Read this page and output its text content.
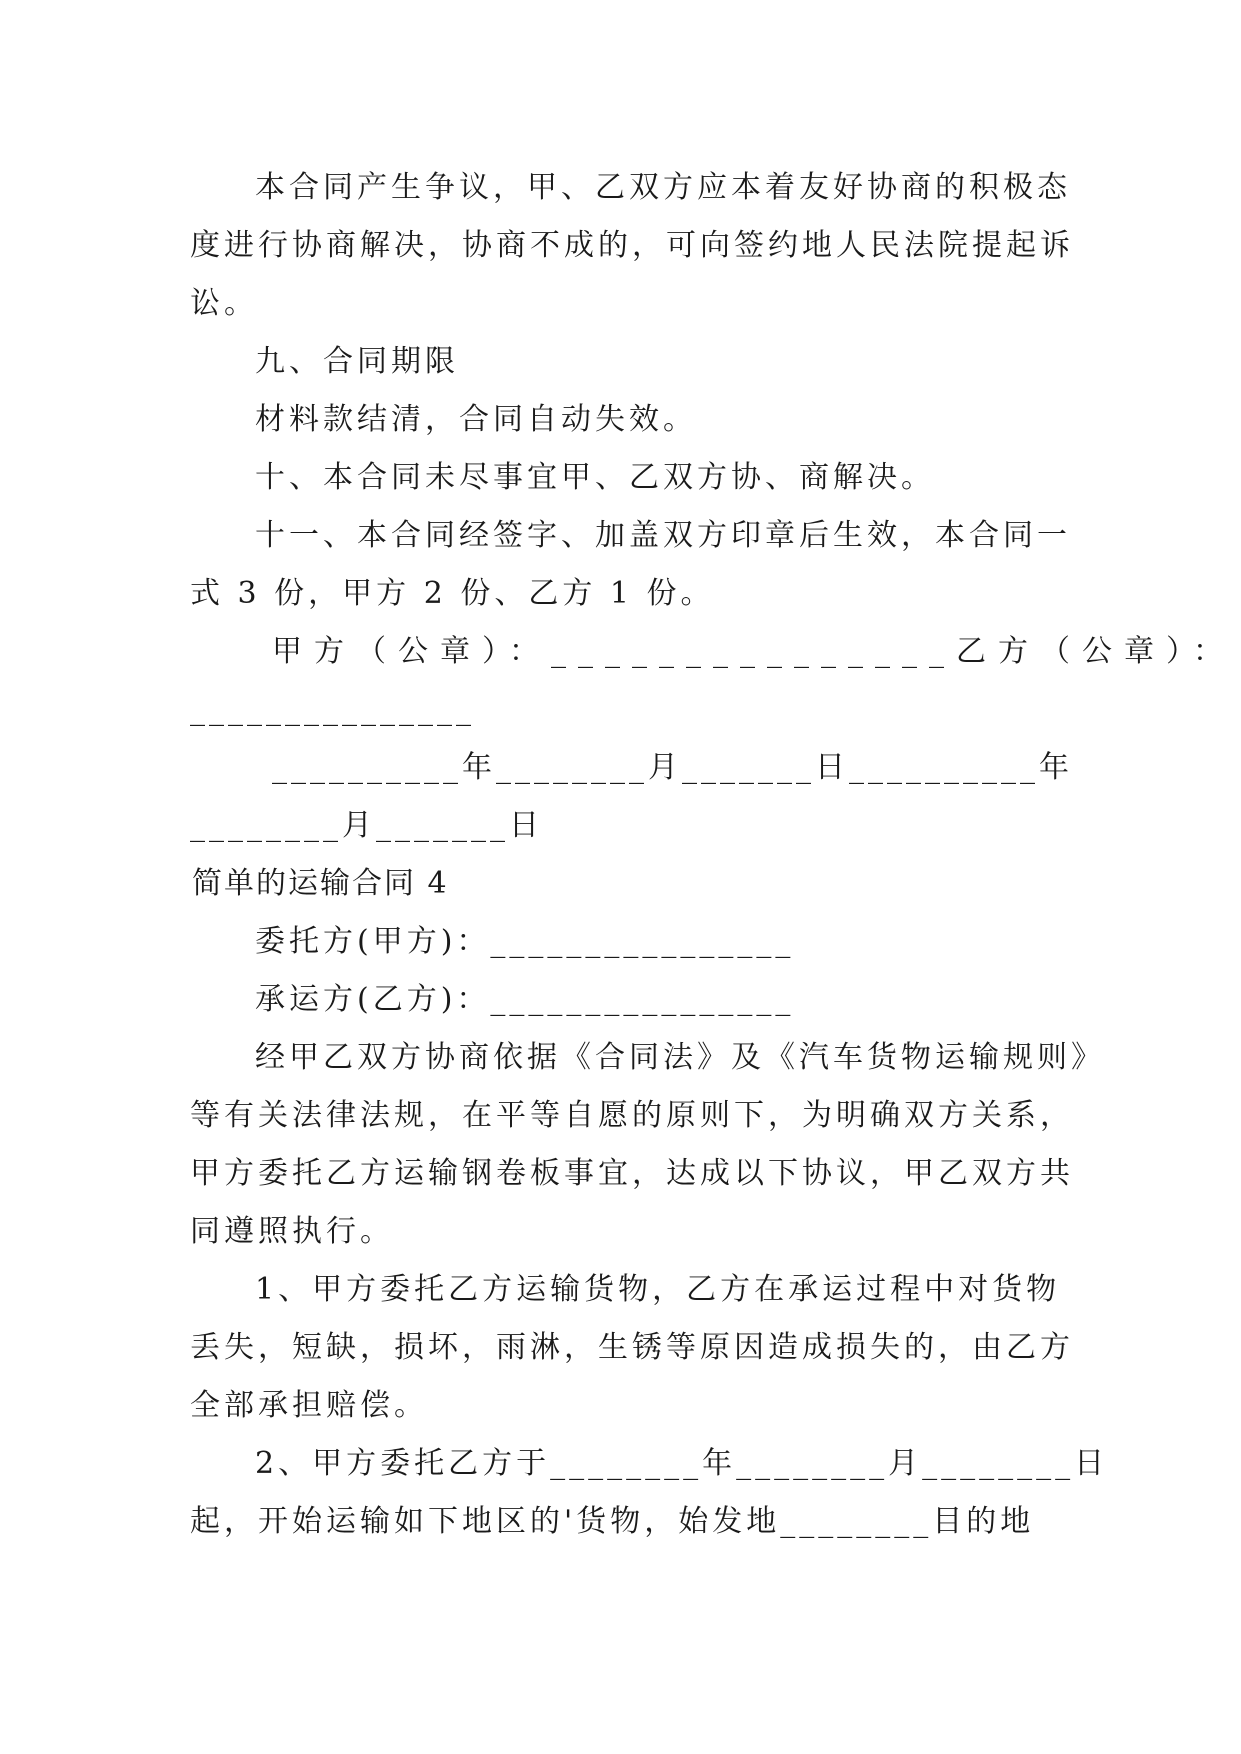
本合同产生争议，甲、乙双方应本着友好协商的积极态
度进行协商解决，协商不成的，可向签约地人民法院提起诉
讼。
九、合同期限
材料款结清，合同自动失效。
十、本合同未尽事宜甲、乙双方协、商解决。
十一、本合同经签字、加盖双方印章后生效，本合同一
式 3 份，甲方 2 份、乙方 1 份。
甲方（公章）：_______________乙方（公章）：
_______________
__________年________月_______日__________年
________月_______日
简单的运输合同 4
委托方(甲方)：________________
承运方(乙方)：________________
经甲乙双方协商依据《合同法》及《汽车货物运输规则》
等有关法律法规，在平等自愿的原则下，为明确双方关系，
甲方委托乙方运输钢卷板事宜，达成以下协议，甲乙双方共
同遵照执行。
1、甲方委托乙方运输货物，乙方在承运过程中对货物
丢失，短缺，损坏，雨淋，生锈等原因造成损失的，由乙方
全部承担赔偿。
2、甲方委托乙方于________年________月________日
起，开始运输如下地区的'货物，始发地________目的地
